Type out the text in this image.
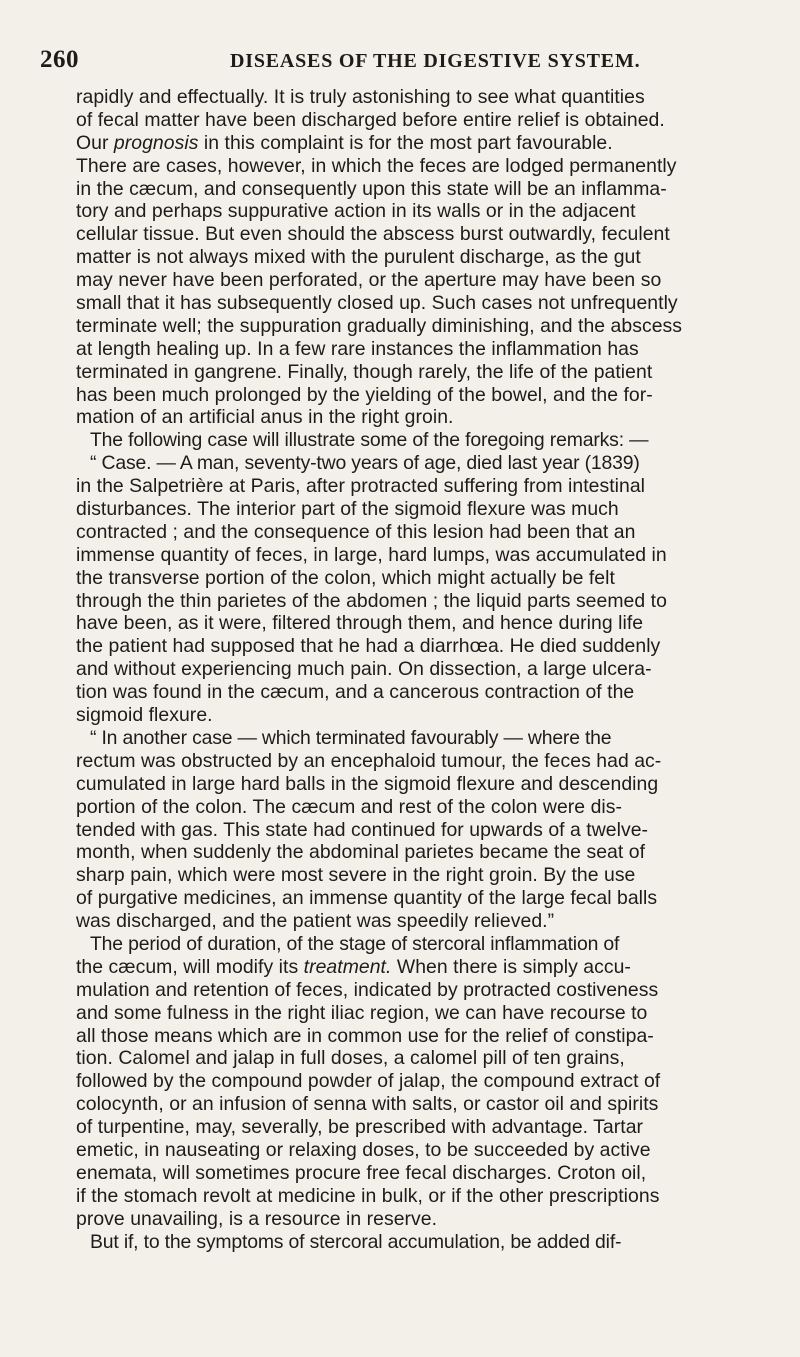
260	DISEASES OF THE DIGESTIVE SYSTEM.
rapidly and effectually. It is truly astonishing to see what quantities
of fecal matter have been discharged before entire relief is obtained.
Our prognosis in this complaint is for the most part favourable.
There are cases, however, in which the feces are lodged permanently
in the cæcum, and consequently upon this state will be an inflamma-
tory and perhaps suppurative action in its walls or in the adjacent
cellular tissue. But even should the abscess burst outwardly, feculent
matter is not always mixed with the purulent discharge, as the gut
may never have been perforated, or the aperture may have been so
small that it has subsequently closed up. Such cases not unfrequently
terminate well; the suppuration gradually diminishing, and the abscess
at length healing up. In a few rare instances the inflammation has
terminated in gangrene. Finally, though rarely, the life of the patient
has been much prolonged by the yielding of the bowel, and the for-
mation of an artificial anus in the right groin.
The following case will illustrate some of the foregoing remarks: —
“ Case. — A man, seventy-two years of age, died last year (1839)
in the Salpetrière at Paris, after protracted suffering from intestinal
disturbances. The interior part of the sigmoid flexure was much
contracted ; and the consequence of this lesion had been that an
immense quantity of feces, in large, hard lumps, was accumulated in
the transverse portion of the colon, which might actually be felt
through the thin parietes of the abdomen ; the liquid parts seemed to
have been, as it were, filtered through them, and hence during life
the patient had supposed that he had a diarrhœa. He died suddenly
and without experiencing much pain. On dissection, a large ulcera-
tion was found in the cæcum, and a cancerous contraction of the
sigmoid flexure.
“ In another case — which terminated favourably — where the
rectum was obstructed by an encephaloid tumour, the feces had ac-
cumulated in large hard balls in the sigmoid flexure and descending
portion of the colon. The cæcum and rest of the colon were dis-
tended with gas. This state had continued for upwards of a twelve-
month, when suddenly the abdominal parietes became the seat of
sharp pain, which were most severe in the right groin. By the use
of purgative medicines, an immense quantity of the large fecal balls
was discharged, and the patient was speedily relieved.”
The period of duration, of the stage of stercoral inflammation of
the cæcum, will modify its treatment. When there is simply accu-
mulation and retention of feces, indicated by protracted costiveness
and some fulness in the right iliac region, we can have recourse to
all those means which are in common use for the relief of constipa-
tion. Calomel and jalap in full doses, a calomel pill of ten grains,
followed by the compound powder of jalap, the compound extract of
colocynth, or an infusion of senna with salts, or castor oil and spirits
of turpentine, may, severally, be prescribed with advantage. Tartar
emetic, in nauseating or relaxing doses, to be succeeded by active
enemata, will sometimes procure free fecal discharges. Croton oil,
if the stomach revolt at medicine in bulk, or if the other prescriptions
prove unavailing, is a resource in reserve.
But if, to the symptoms of stercoral accumulation, be added dif-
